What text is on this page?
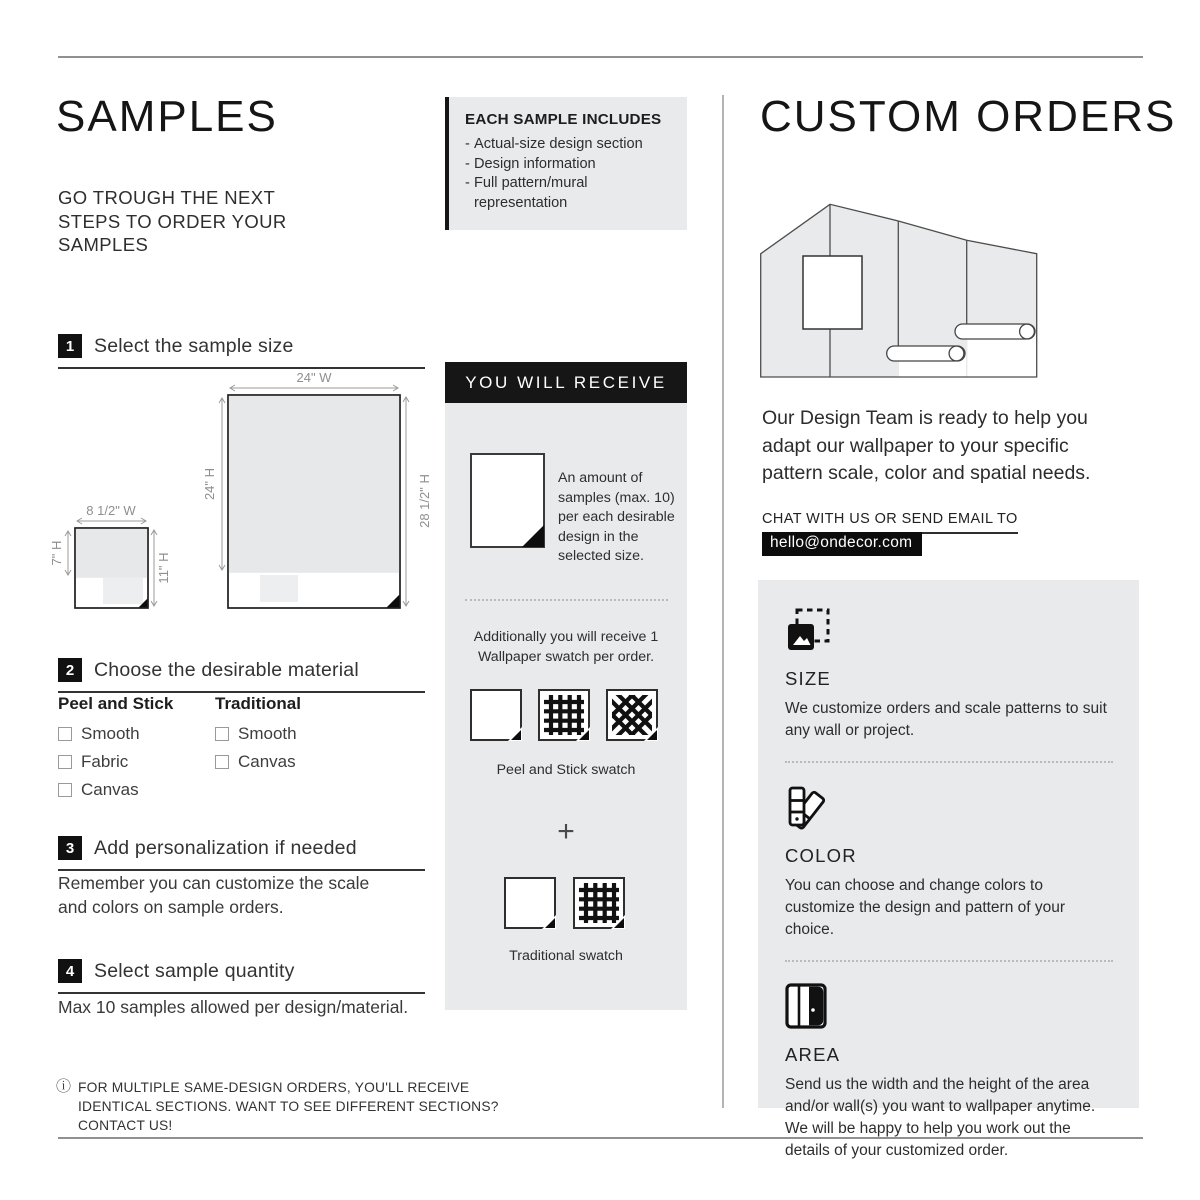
SAMPLES

GO TROUGH THE NEXT STEPS TO ORDER YOUR SAMPLES

EACH SAMPLE INCLUDES
- Actual-size design section
- Design information
- Full pattern/mural representation
1	Select the sample size
24" W
24" H	28 1/2" H
8 1/2" W
7" H	11" H
2	Choose the desirable material

Peel and Stick

Smooth
Fabric
Canvas

Traditional

Smooth
Canvas
3	Add personalization if needed

Remember you can customize the scale and colors on sample orders.

4	Select sample quantity

Max 10 samples allowed per design/material.

ⓘ FOR MULTIPLE SAME-DESIGN ORDERS, YOU'LL RECEIVE IDENTICAL SECTIONS. WANT TO SEE DIFFERENT SECTIONS? CONTACT US!
YOU WILL RECEIVE
An amount of samples (max. 10) per each desirable design in the selected size.
Additionally you will receive 1 Wallpaper swatch per order.
Peel and Stick swatch
+
Traditional swatch
CUSTOM ORDERS

Our Design Team is ready to help you adapt our wallpaper to your specific pattern scale, color and spatial needs.

CHAT WITH US OR SEND EMAIL TO

hello@ondecor.com
SIZE

We customize orders and scale patterns to suit any wall or project.

COLOR

You can choose and change colors to customize the design and pattern of your choice.

AREA

Send us the width and the height of the area and/or wall(s) you want to wallpaper anytime. We will be happy to help you work out the details of your customized order.
